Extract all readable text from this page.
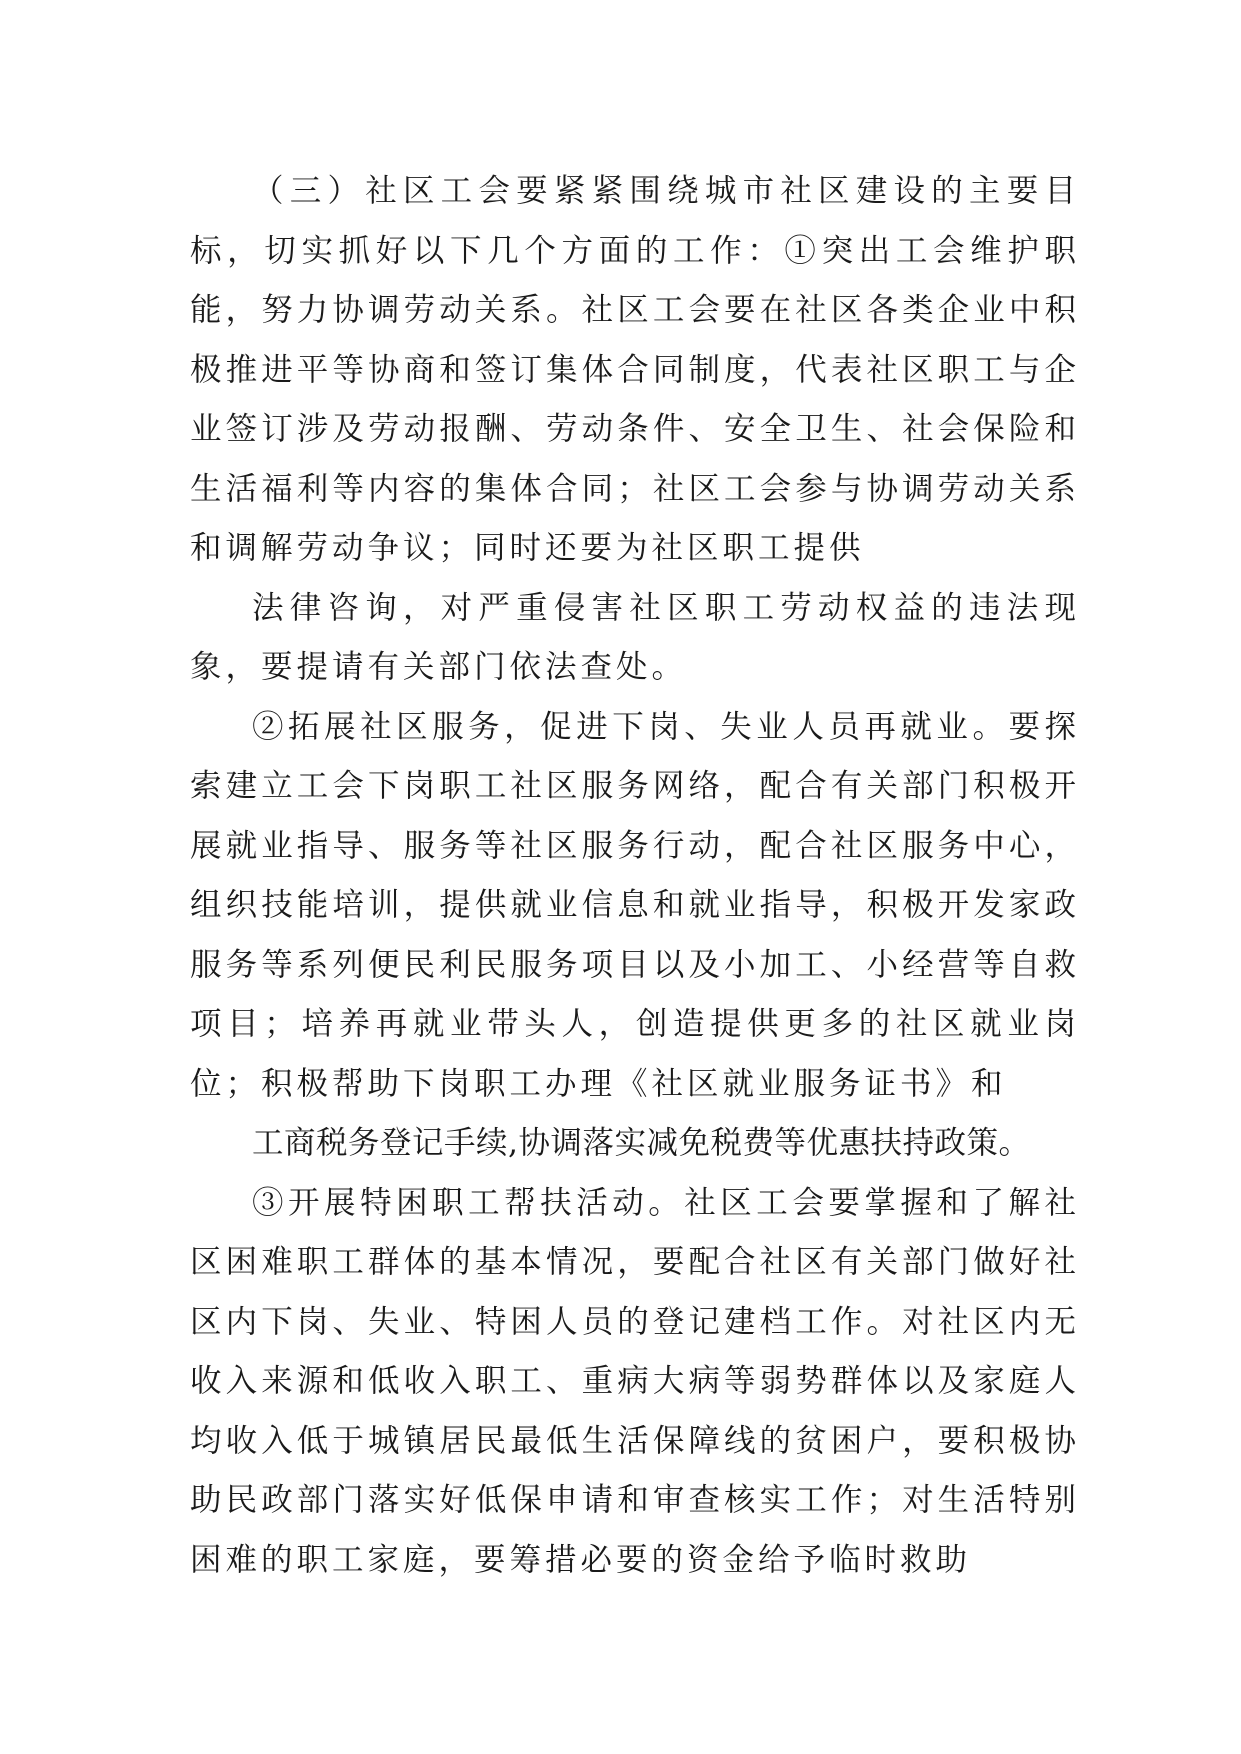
（三）社区工会要紧紧围绕城市社区建设的主要目标，切实抓好以下几个方面的工作：①突出工会维护职能，努力协调劳动关系。社区工会要在社区各类企业中积极推进平等协商和签订集体合同制度，代表社区职工与企业签订涉及劳动报酬、劳动条件、安全卫生、社会保险和生活福利等内容的集体合同；社区工会参与协调劳动关系和调解劳动争议；同时还要为社区职工提供

法律咨询，对严重侵害社区职工劳动权益的违法现象，要提请有关部门依法查处。

②拓展社区服务，促进下岗、失业人员再就业。要探索建立工会下岗职工社区服务网络，配合有关部门积极开展就业指导、服务等社区服务行动，配合社区服务中心，组织技能培训，提供就业信息和就业指导，积极开发家政服务等系列便民利民服务项目以及小加工、小经营等自救项目；培养再就业带头人，创造提供更多的社区就业岗位；积极帮助下岗职工办理《社区就业服务证书》和

工商税务登记手续,协调落实减免税费等优惠扶持政策。

③开展特困职工帮扶活动。社区工会要掌握和了解社区困难职工群体的基本情况，要配合社区有关部门做好社区内下岗、失业、特困人员的登记建档工作。对社区内无收入来源和低收入职工、重病大病等弱势群体以及家庭人均收入低于城镇居民最低生活保障线的贫困户，要积极协助民政部门落实好低保申请和审查核实工作；对生活特别困难的职工家庭，要筹措必要的资金给予临时救助
